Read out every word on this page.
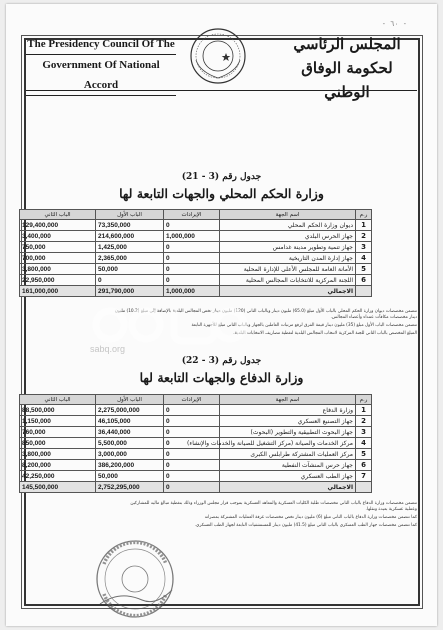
- ٦٠ -
The Presidency Council Of The
Government Of National Accord
المجلس الرئاسي
لحكومة الوفاق الوطني
جدول رقم (3 - 21)
وزارة الحكم المحلي والجهات التابعة لها
ر.م	اسم الجهة	الإيرادات	الباب الأول	الباب الثاني
1	ديوان وزارة الحكم المحلي	0	73,350,000	129,400,000
2	جهاز الحرس البلدي	1,000,000	214,600,000	3,400,000
3	جهاز تنمية وتطوير مدينة غدامس	0	1,425,000	750,000
4	جهاز إدارة المدن التاريخية	0	2,365,000	700,000
5	الأمانة العامة للمجلس الأعلى للإدارة المحلية	0	50,000	3,800,000
6	اللجنة المركزية للانتخابات المجالس المحلية	0	0	22,950,000
	الاجمالي	1,000,000	291,790,000	161,000,000
تتضمن مخصصات ديوان وزارة الحكم المحلي بالباب الأول مبلغ (65.0) مليون دينار وبالباب الثاني (120) مليون دينار تخص المجالس البلدية بالإضافة إلى مبلغ (10.2) مليون
دينار مخصصات مكافآت عمداء وأعضاء المجالس.
تتضمن مخصصات الباب الأول مبلغ (35) مليون دينار قيمة الفرق لرفع مرتبات العاملين بالجهاز وبالباب الثاني مبلغ للأجهزة التابعة
المبلغ المخصص بالباب الثاني للجنة المركزية لانتخاب المجالس البلدية لتغطية مصاريف الانتخابات البلدية.
sabq.org
جدول رقم (3 - 22)
وزارة الدفاع والجهات التابعة لها
ر.م	اسم الجهة	الإيرادات	الباب الأول	الباب الثاني
1	وزارة الدفاع	0	2,275,000,000	88,500,000
2	جهاز التصنيع العسكري	0	46,105,000	1,150,000
3	جهاز البحوث التطبيقية والتطوير (البحوث)	0	36,440,000	760,000
4	مركز الخدمات والصيانة (مركز التشغيل للصيانة والخدمات والإنشاء)	0	5,500,000	850,000
5	مركز العمليات المشتركة طرابلس الكبرى	0	3,000,000	3,800,000
6	جهاز حرس المنشآت النفطية	0	386,200,000	8,200,000
7	جهاز الطب العسكري	0	50,000	42,250,000
	الاجمالي	0	2,752,295,000	145,500,000
تتضمن مخصصات وزارة الدفاع بالباب الثاني مخصصات طلبة الكليات العسكرية والمعاهد العسكرية بموجب قرار مجلس الوزراء وذلك بتغطية مبالغ ماليه للمشاركين
وعملية عسكرية بعيدة ونقلها.
كما تتضمن مخصصات وزارة الدفاع بالباب الثاني مبلغ (6) مليون دينار تخص مخصصات غرفة العمليات المشتركة بمصراته
كما تتضمن مخصصات جهاز الطب العسكري بالباب الثاني مبلغ (41.5) مليون دينار للمستشفيات التابعة لجهاز الطب العسكري.
